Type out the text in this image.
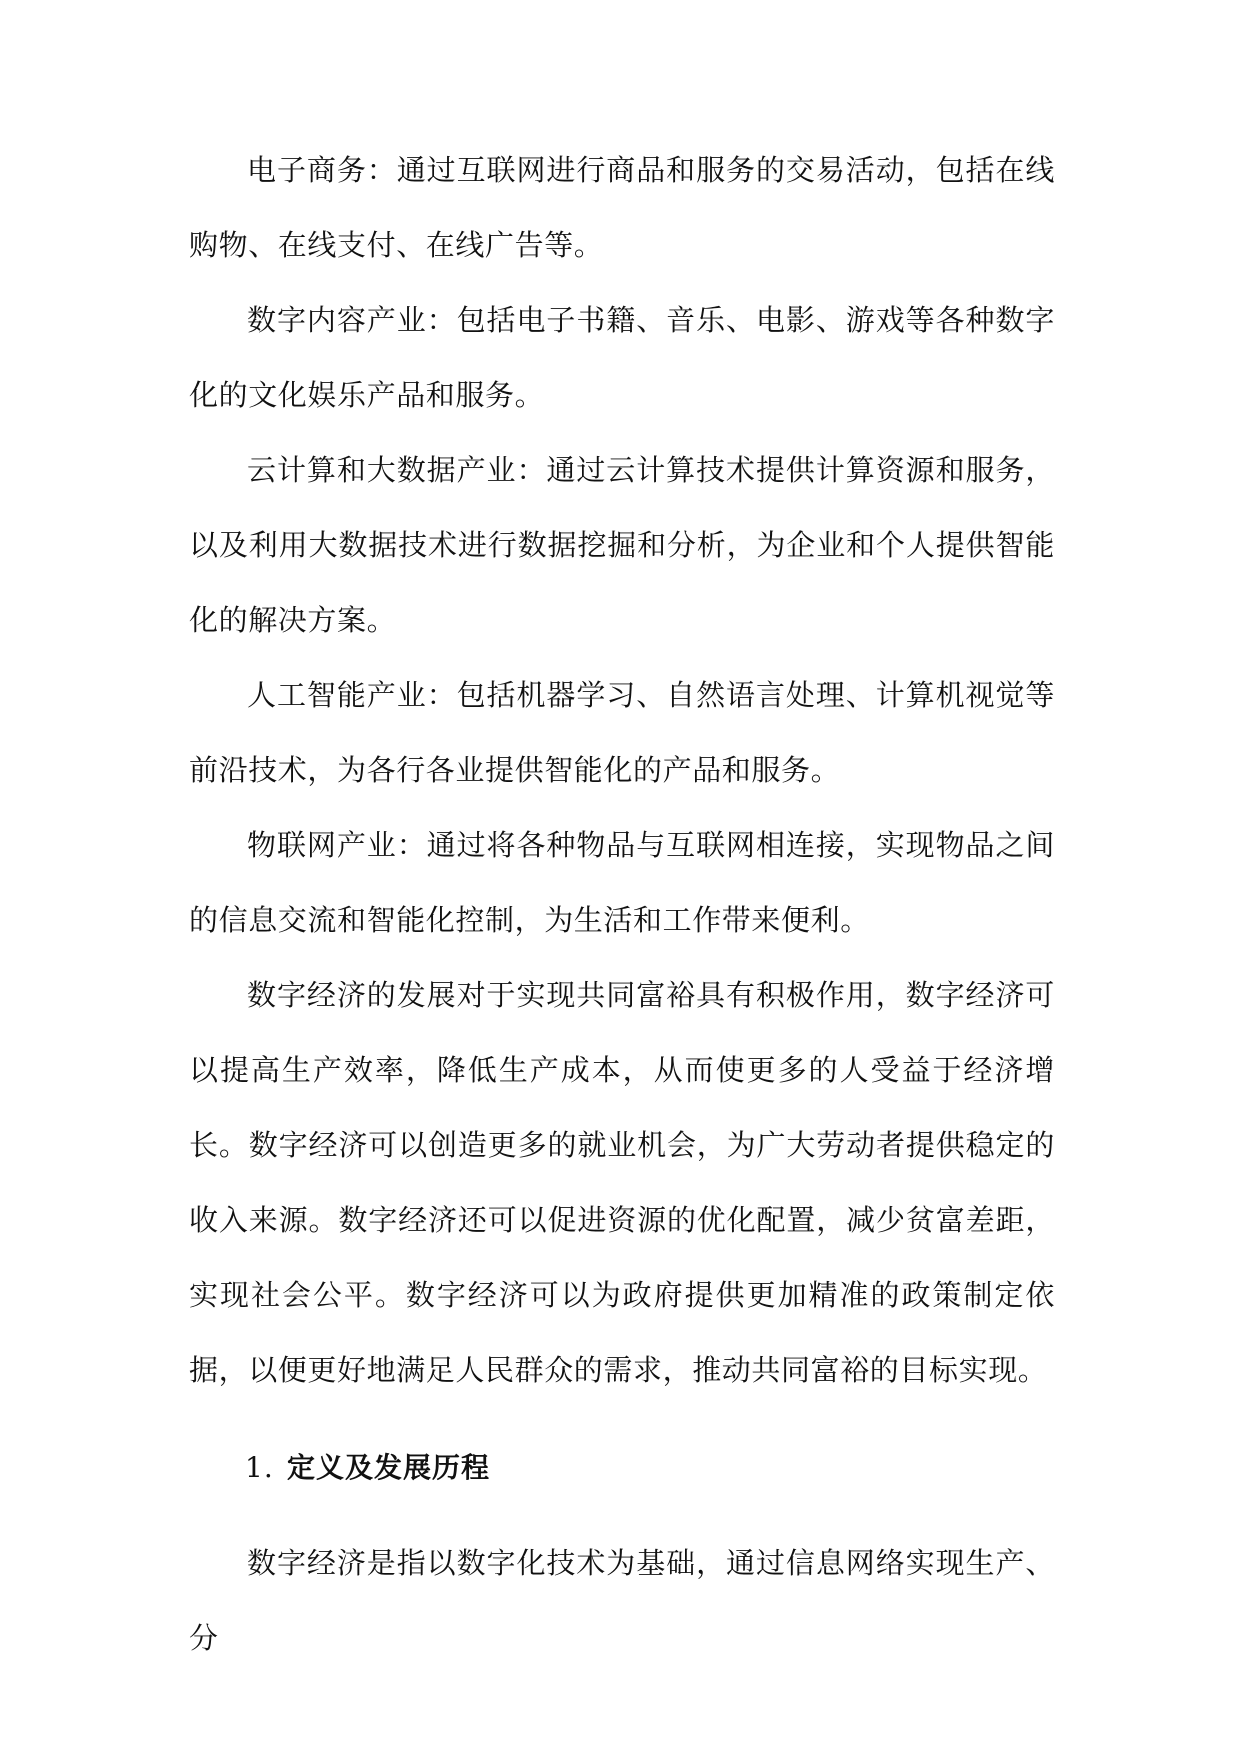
电子商务：通过互联网进行商品和服务的交易活动，包括在线购物、在线支付、在线广告等。

数字内容产业：包括电子书籍、音乐、电影、游戏等各种数字化的文化娱乐产品和服务。

云计算和大数据产业：通过云计算技术提供计算资源和服务，以及利用大数据技术进行数据挖掘和分析，为企业和个人提供智能化的解决方案。

人工智能产业：包括机器学习、自然语言处理、计算机视觉等前沿技术，为各行各业提供智能化的产品和服务。

物联网产业：通过将各种物品与互联网相连接，实现物品之间的信息交流和智能化控制，为生活和工作带来便利。

数字经济的发展对于实现共同富裕具有积极作用，数字经济可以提高生产效率，降低生产成本，从而使更多的人受益于经济增长。数字经济可以创造更多的就业机会，为广大劳动者提供稳定的收入来源。数字经济还可以促进资源的优化配置，减少贫富差距，实现社会公平。数字经济可以为政府提供更加精准的政策制定依据，以便更好地满足人民群众的需求，推动共同富裕的目标实现。

1. 定义及发展历程

数字经济是指以数字化技术为基础，通过信息网络实现生产、分
